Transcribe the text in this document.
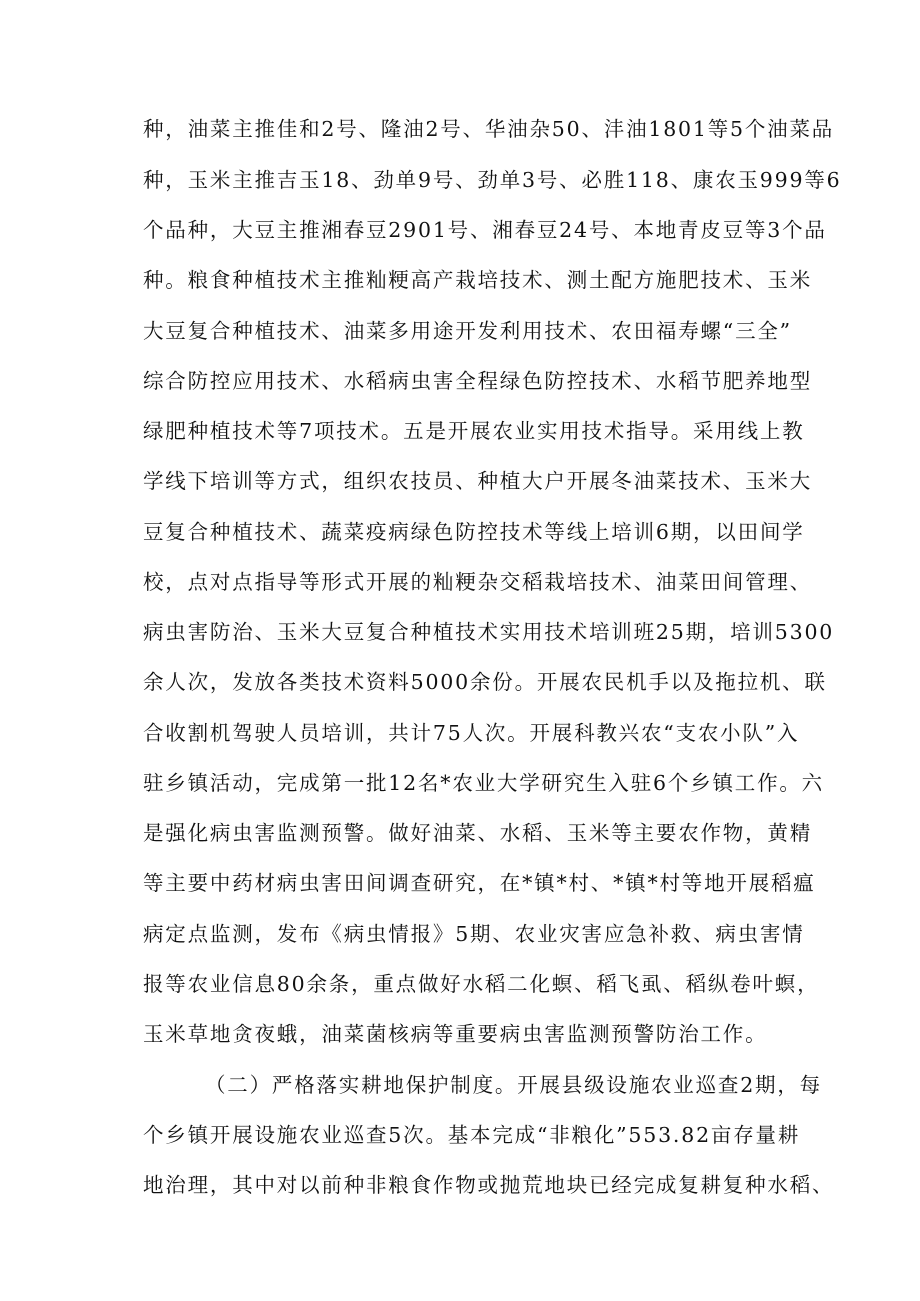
种，油菜主推佳和2号、隆油2号、华油杂50、沣油1801等5个油菜品
种，玉米主推吉玉18、劲单9号、劲单3号、必胜118、康农玉999等6
个品种，大豆主推湘春豆2901号、湘春豆24号、本地青皮豆等3个品
种。粮食种植技术主推籼粳高产栽培技术、测土配方施肥技术、玉米
大豆复合种植技术、油菜多用途开发利用技术、农田福寿螺“三全”
综合防控应用技术、水稻病虫害全程绿色防控技术、水稻节肥养地型
绿肥种植技术等7项技术。五是开展农业实用技术指导。采用线上教
学线下培训等方式，组织农技员、种植大户开展冬油菜技术、玉米大
豆复合种植技术、蔬菜疫病绿色防控技术等线上培训6期，以田间学
校，点对点指导等形式开展的籼粳杂交稻栽培技术、油菜田间管理、
病虫害防治、玉米大豆复合种植技术实用技术培训班25期，培训5300
余人次，发放各类技术资料5000余份。开展农民机手以及拖拉机、联
合收割机驾驶人员培训，共计75人次。开展科教兴农“支农小队”入
驻乡镇活动，完成第一批12名*农业大学研究生入驻6个乡镇工作。六
是强化病虫害监测预警。做好油菜、水稻、玉米等主要农作物，黄精
等主要中药材病虫害田间调查研究，在*镇*村、*镇*村等地开展稻瘟
病定点监测，发布《病虫情报》5期、农业灾害应急补救、病虫害情
报等农业信息80余条，重点做好水稻二化螟、稻飞虱、稻纵卷叶螟，
玉米草地贪夜蛾，油菜菌核病等重要病虫害监测预警防治工作。
（二）严格落实耕地保护制度。开展县级设施农业巡查2期，每
个乡镇开展设施农业巡查5次。基本完成“非粮化”553.82亩存量耕
地治理，其中对以前种非粮食作物或抛荒地块已经完成复耕复种水稻、
